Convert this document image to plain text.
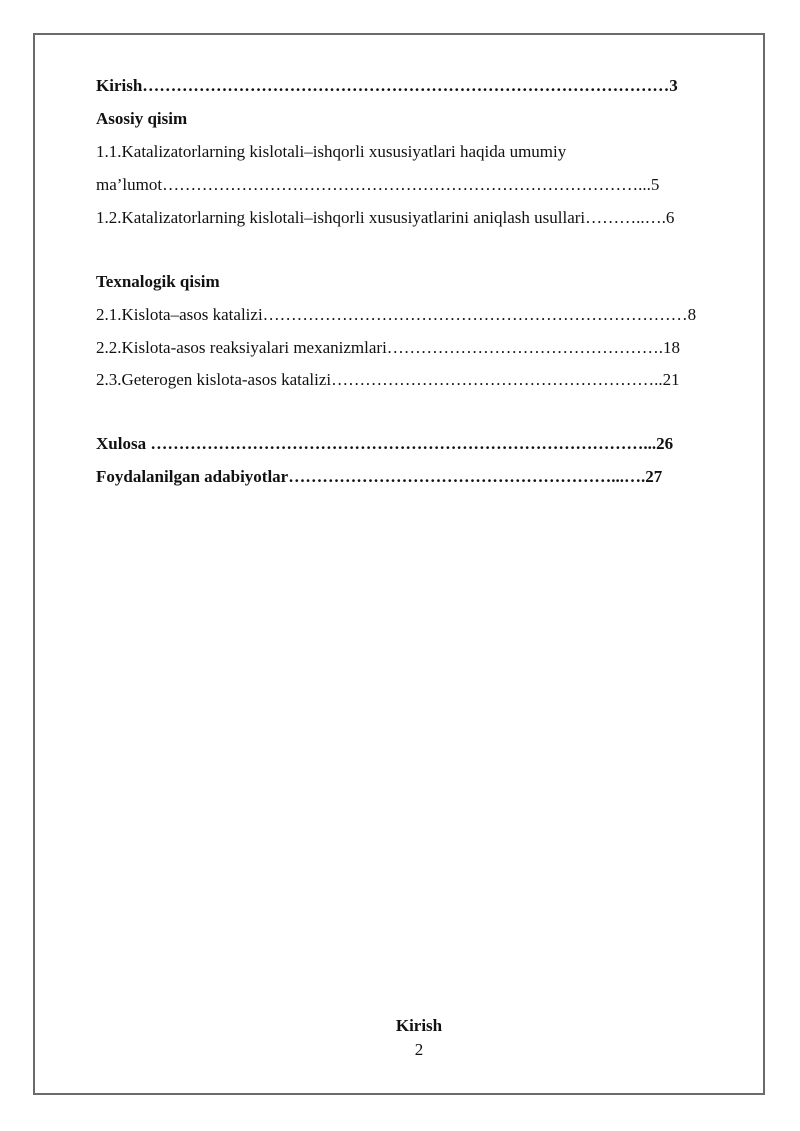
Kirish…………………………………………………………………………………3
Asosiy qisim
1.1.Katalizatorlarning kislotali–ishqorli xususiyatlari haqida umumiy
ma’lumot…………………………………………………………………………...5
1.2.Katalizatorlarning kislotali–ishqorli xususiyatlarini aniqlash usullari………..….6
Texnalogik qisim
2.1.Kislota–asos katalizi…………………………………………………………………8
2.2.Kislota-asos reaksiyalari mexanizmlari………………………………………….18
2.3.Geterogen kislota-asos katalizi…………………………………………………..21
Xulosa ……………………………………………………………………………...26
Foydalanilgan adabiyotlar…………………………………………………...….27
Kirish
2
